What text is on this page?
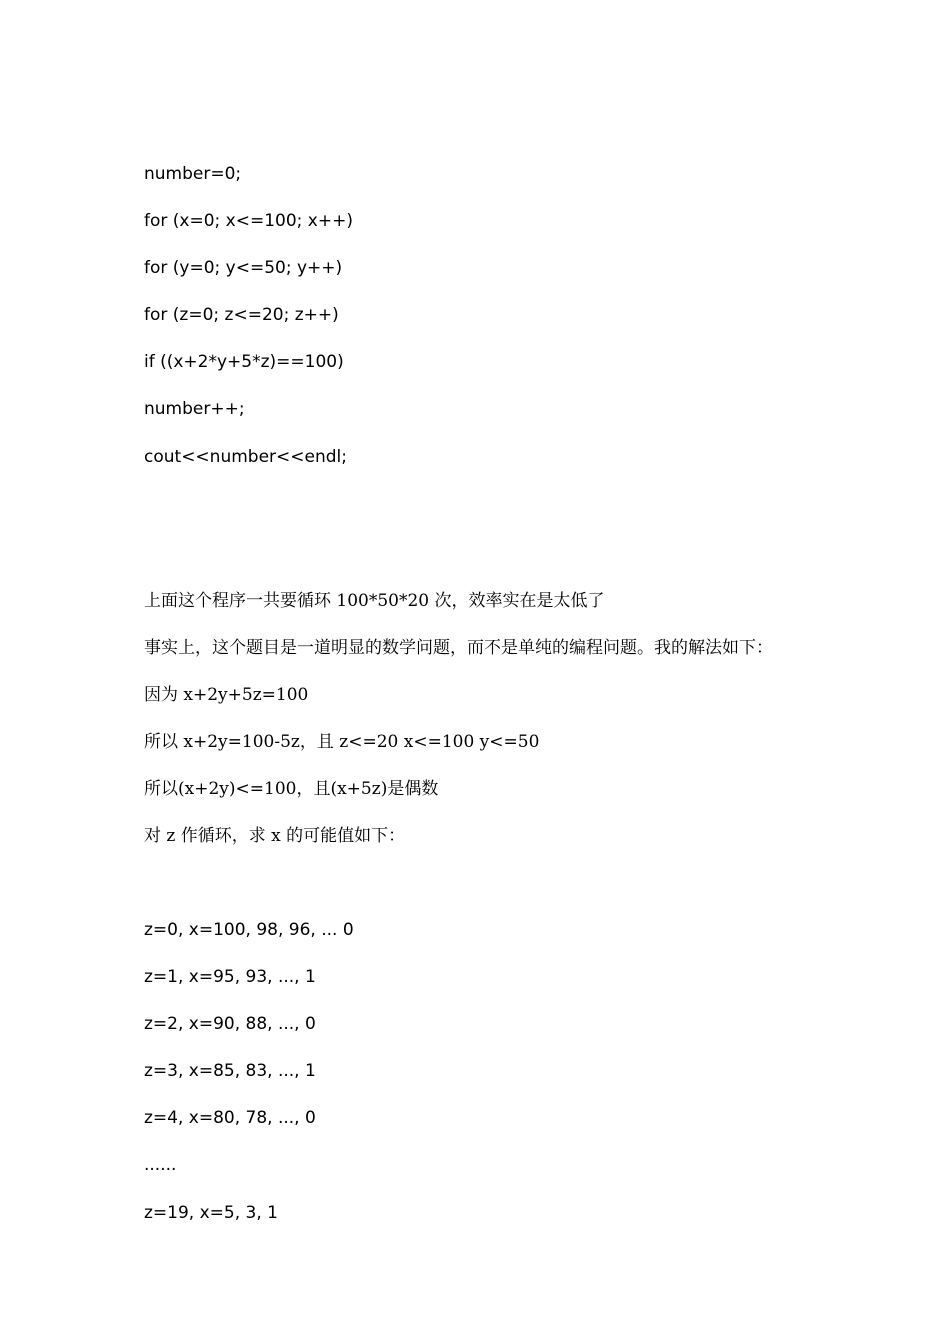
number=0;

for (x=0; x<=100; x++)

for (y=0; y<=50; y++)

for (z=0; z<=20; z++)

if ((x+2*y+5*z)==100)

number++;

cout<<number<<endl;

上面这个程序一共要循环 100*50*20 次，效率实在是太低了

事实上，这个题目是一道明显的数学问题，而不是单纯的编程问题。我的解法如下：

因为 x+2y+5z=100

所以 x+2y=100-5z，且 z<=20 x<=100 y<=50

所以(x+2y)<=100，且(x+5z)是偶数

对 z 作循环，求 x 的可能值如下：

z=0, x=100, 98, 96, ... 0

z=1, x=95, 93, ..., 1

z=2, x=90, 88, ..., 0

z=3, x=85, 83, ..., 1

z=4, x=80, 78, ..., 0

......

z=19, x=5, 3, 1
